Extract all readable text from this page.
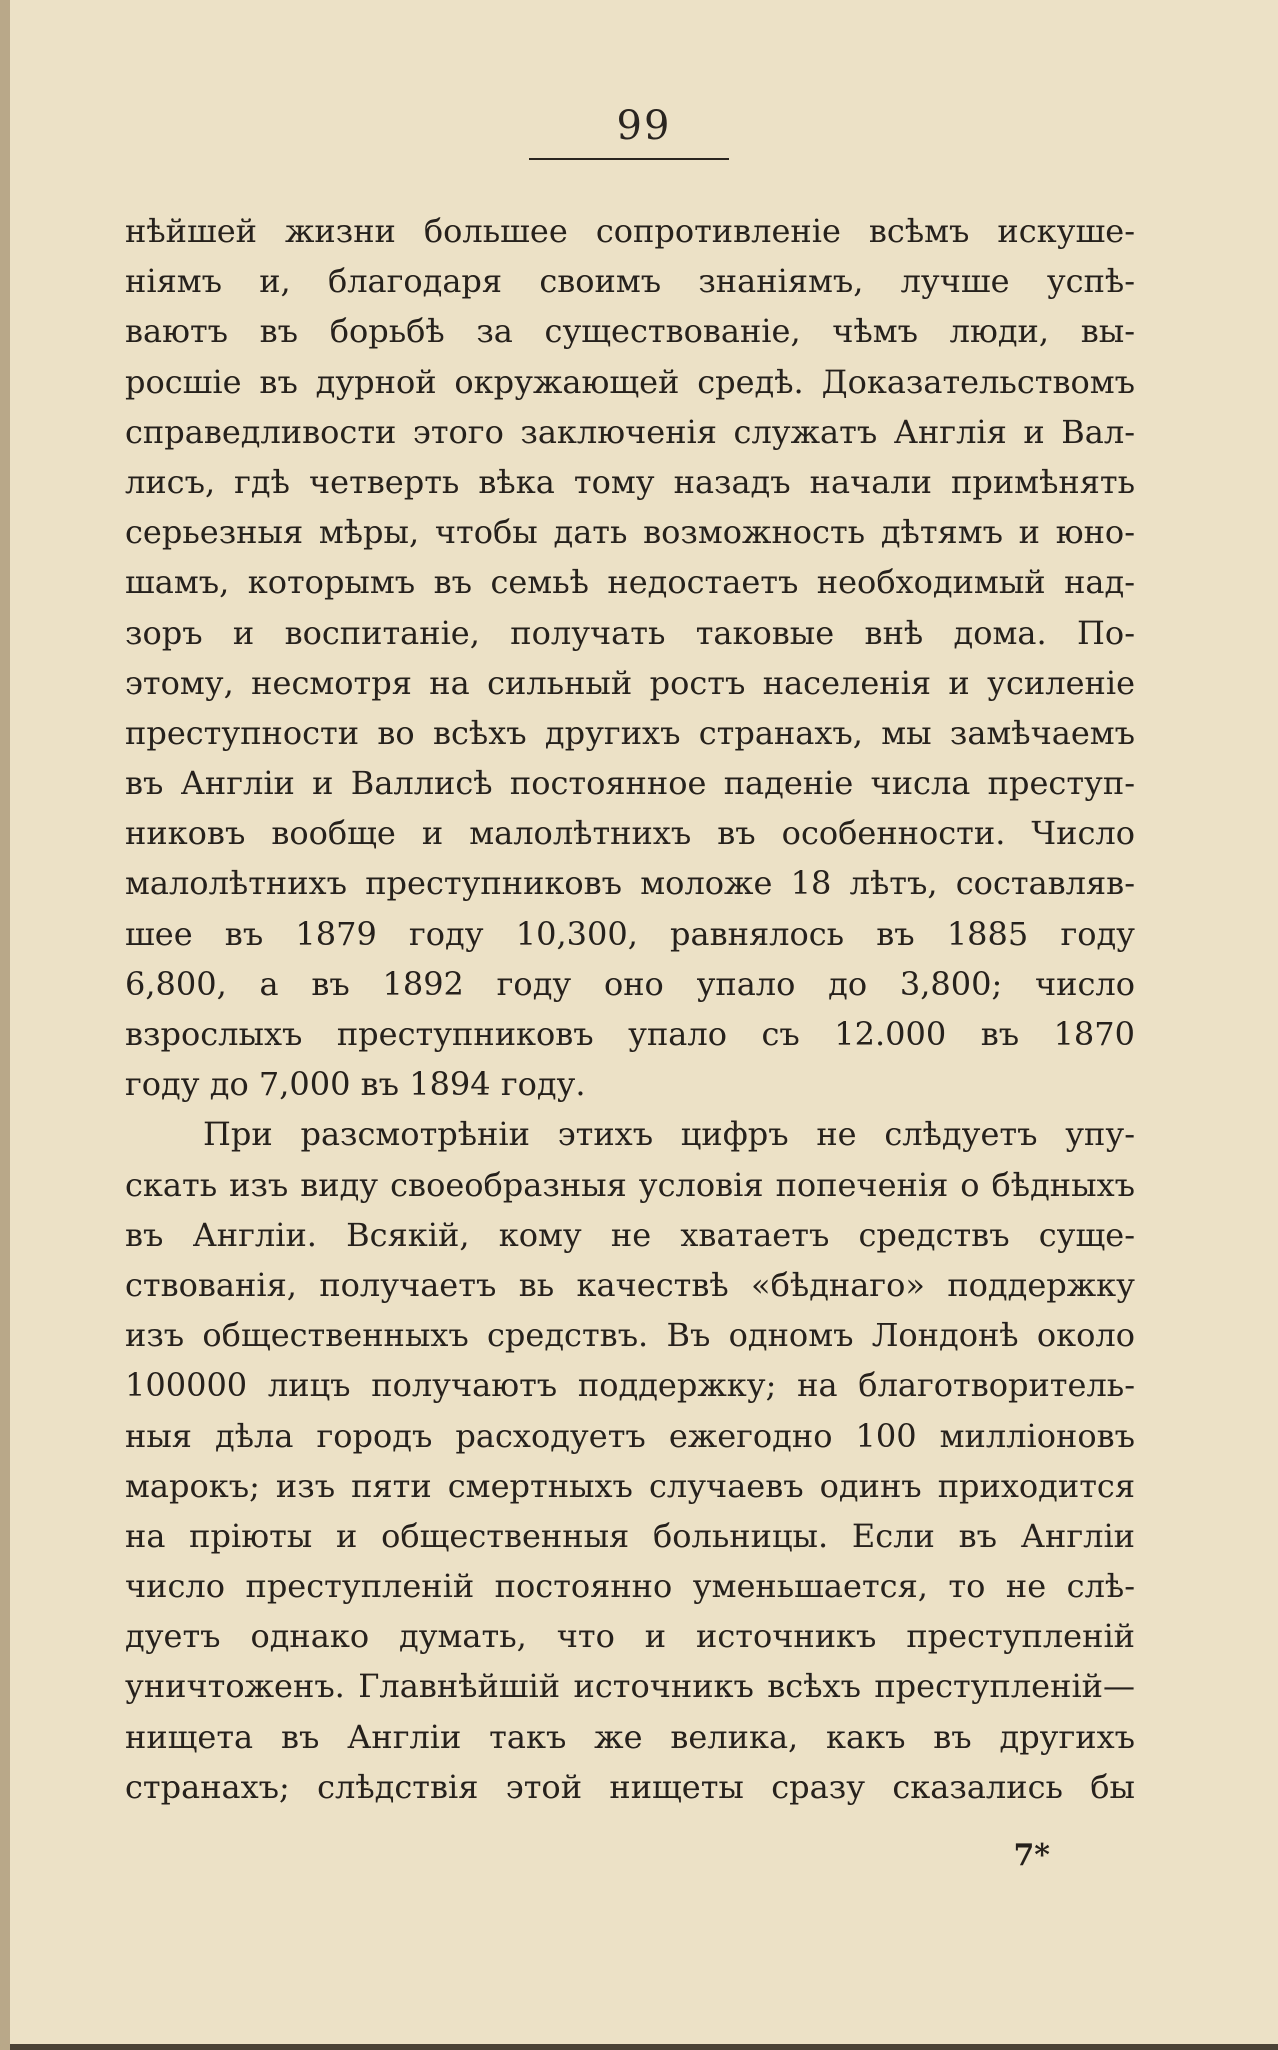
99
нѣйшей жизни большее сопротивленіе всѣмъ искуше-
ніямъ и, благодаря своимъ знаніямъ, лучше успѣ-
ваютъ въ борьбѣ за существованіе, чѣмъ люди, вы-
росшіе въ дурной окружающей средѣ. Доказательствомъ
справедливости этого заключенія служатъ Англія и Вал-
лисъ, гдѣ четверть вѣка тому назадъ начали примѣнять
серьезныя мѣры, чтобы дать возможность дѣтямъ и юно-
шамъ, которымъ въ семьѣ недостаетъ необходимый над-
зоръ и воспитаніе, получать таковые внѣ дома. По-
этому, несмотря на сильный ростъ населенія и усиленіе
преступности во всѣхъ другихъ странахъ, мы замѣчаемъ
въ Англіи и Валлисѣ постоянное паденіе числа преступ-
никовъ вообще и малолѣтнихъ въ особенности. Число
малолѣтнихъ преступниковъ моложе 18 лѣтъ, составляв-
шее въ 1879 году 10,300, равнялось въ 1885 году
6,800, а въ 1892 году оно упало до 3,800; число
взрослыхъ преступниковъ упало съ 12.000 въ 1870
году до 7,000 въ 1894 году.
При разсмотрѣніи этихъ цифръ не слѣдуетъ упу-
скать изъ виду своеобразныя условія попеченія о бѣдныхъ
въ Англіи. Всякій, кому не хватаетъ средствъ суще-
ствованія, получаетъ вь качествѣ «бѣднаго» поддержку
изъ общественныхъ средствъ. Въ одномъ Лондонѣ около
100000 лицъ получаютъ поддержку; на благотворитель-
ныя дѣла городъ расходуетъ ежегодно 100 милліоновъ
марокъ; изъ пяти смертныхъ случаевъ одинъ приходится
на пріюты и общественныя больницы. Если въ Англіи
число преступленій постоянно уменьшается, то не слѣ-
дуетъ однако думать, что и источникъ преступленій
уничтоженъ. Главнѣйшій источникъ всѣхъ преступленій—
нищета въ Англіи такъ же велика, какъ въ другихъ
странахъ; слѣдствія этой нищеты сразу сказались бы
7*
